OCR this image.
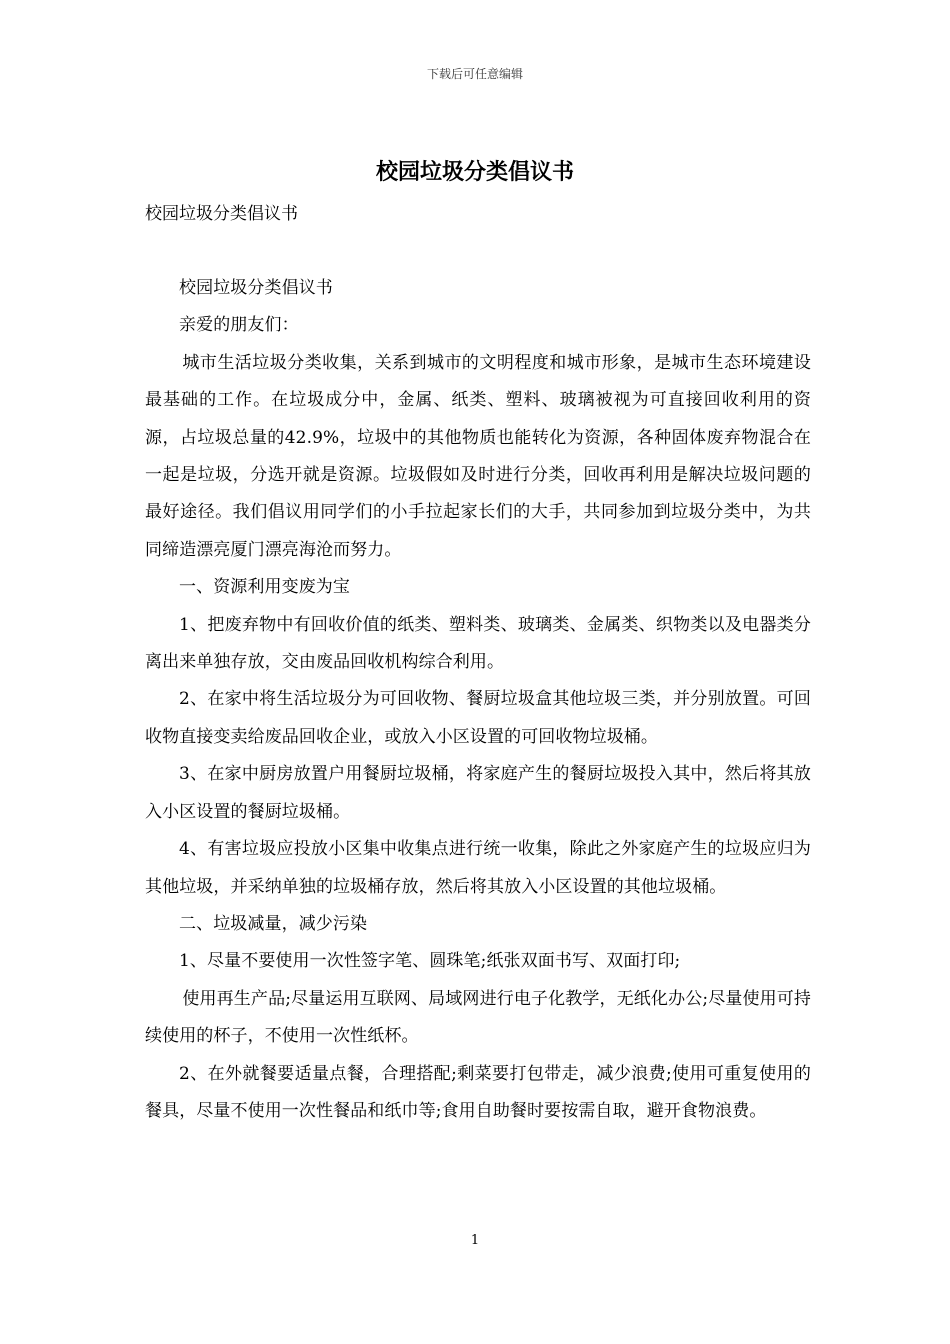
下载后可任意编辑
校园垃圾分类倡议书

校园垃圾分类倡议书

校园垃圾分类倡议书

亲爱的朋友们：

城市生活垃圾分类收集，关系到城市的文明程度和城市形象，是城市生态环境建设最基础的工作。在垃圾成分中，金属、纸类、塑料、玻璃被视为可直接回收利用的资源，占垃圾总量的42.9%，垃圾中的其他物质也能转化为资源，各种固体废弃物混合在一起是垃圾，分选开就是资源。垃圾假如及时进行分类，回收再利用是解决垃圾问题的最好途径。我们倡议用同学们的小手拉起家长们的大手，共同参加到垃圾分类中，为共同缔造漂亮厦门漂亮海沧而努力。

一、资源利用变废为宝

1、把废弃物中有回收价值的纸类、塑料类、玻璃类、金属类、织物类以及电器类分离出来单独存放，交由废品回收机构综合利用。

2、在家中将生活垃圾分为可回收物、餐厨垃圾盒其他垃圾三类，并分别放置。可回收物直接变卖给废品回收企业，或放入小区设置的可回收物垃圾桶。

3、在家中厨房放置户用餐厨垃圾桶，将家庭产生的餐厨垃圾投入其中，然后将其放入小区设置的餐厨垃圾桶。

4、有害垃圾应投放小区集中收集点进行统一收集，除此之外家庭产生的垃圾应归为其他垃圾，并采纳单独的垃圾桶存放，然后将其放入小区设置的其他垃圾桶。

二、垃圾减量，减少污染

1、尽量不要使用一次性签字笔、圆珠笔;纸张双面书写、双面打印;

使用再生产品;尽量运用互联网、局域网进行电子化教学，无纸化办公;尽量使用可持续使用的杯子，不使用一次性纸杯。

2、在外就餐要适量点餐，合理搭配;剩菜要打包带走，减少浪费;使用可重复使用的餐具，尽量不使用一次性餐品和纸巾等;食用自助餐时要按需自取，避开食物浪费。

1
